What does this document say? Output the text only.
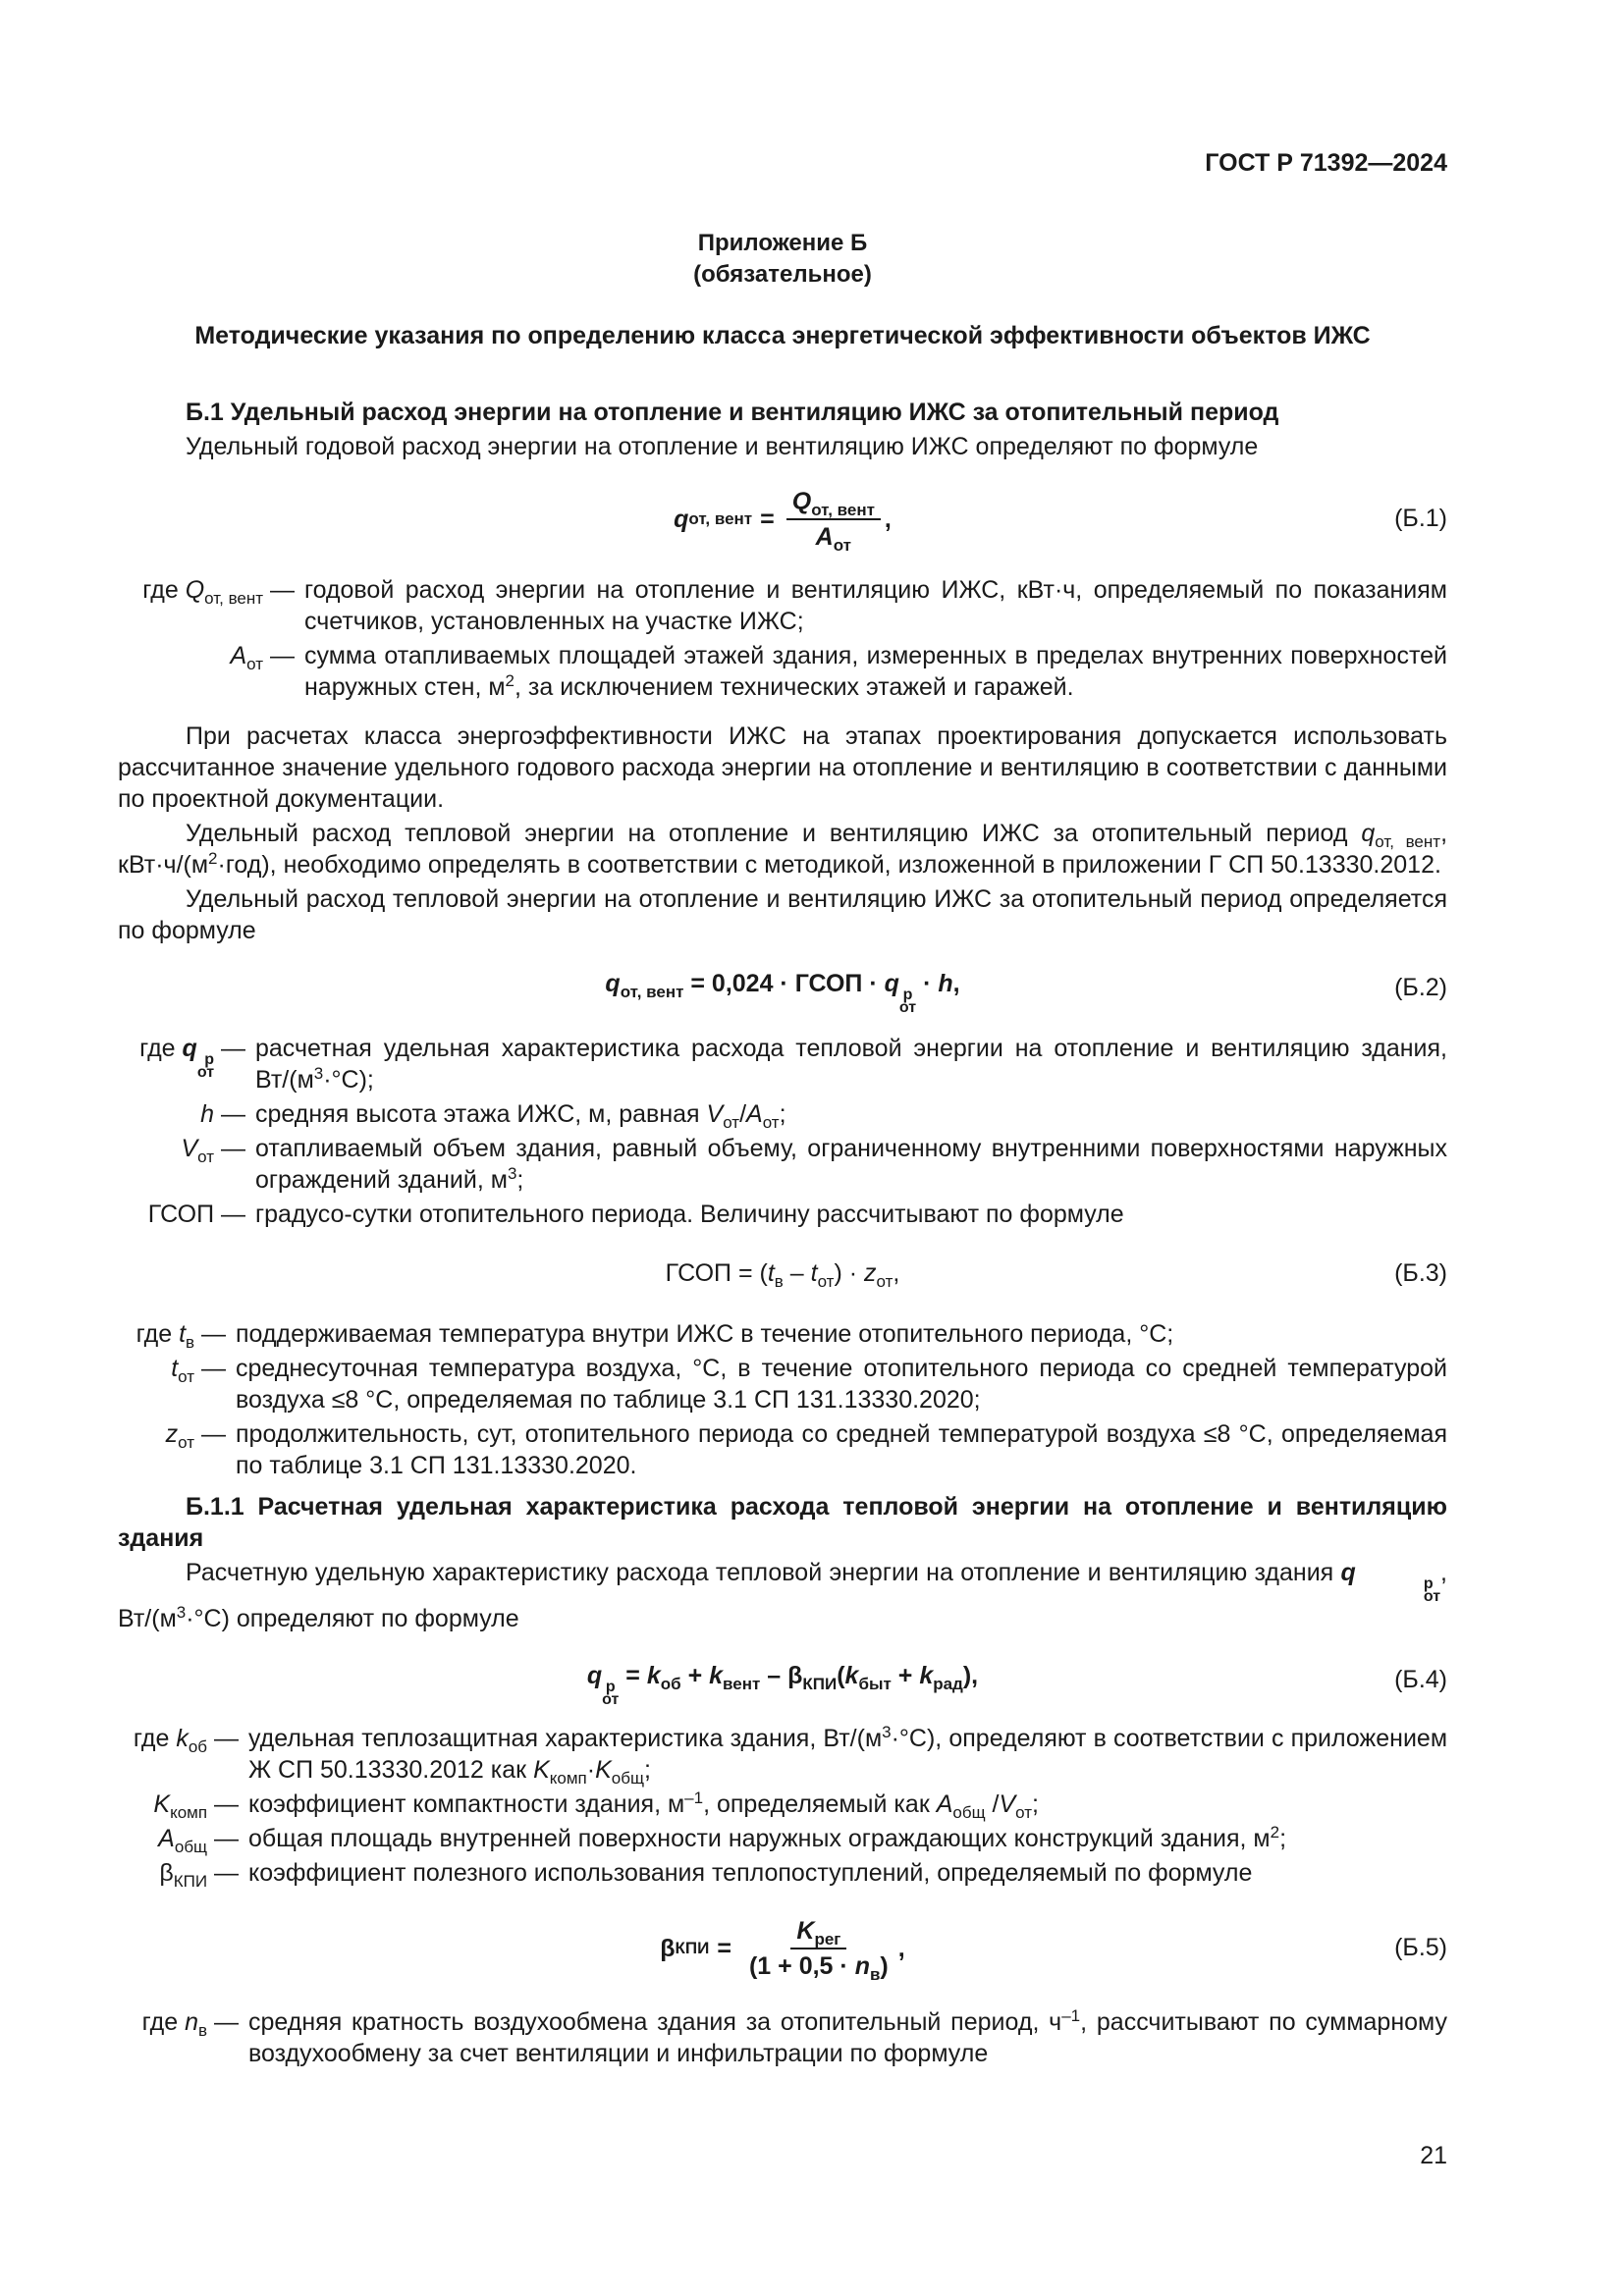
ГОСТ Р 71392—2024
Приложение Б
(обязательное)
Методические указания по определению класса энергетической эффективности объектов ИЖС

Б.1 Удельный расход энергии на отопление и вентиляцию ИЖС за отопительный период

Удельный годовой расход энергии на отопление и вентиляцию ИЖС определяют по формуле

q от, вент = $\frac{Q_{от, вент}}{A_{от}}$ ,	(Б.1)
где $Q_{от, вент}$ — годовой расход энергии на отопление и вентиляцию ИЖС, кВт·ч, определяемый по показаниям счетчиков, установленных на участке ИЖС;
$A_{от}$ — сумма отапливаемых площадей этажей здания, измеренных в пределах внутренних поверхностей наружных стен, $м^2$, за исключением технических этажей и гаражей.

При расчетах класса энергоэффективности ИЖС на этапах проектирования допускается использовать рассчитанное значение удельного годового расхода энергии на отопление и вентиляцию в соответствии с данными по проектной документации.

Удельный расход тепловой энергии на отопление и вентиляцию ИЖС за отопительный период $q_{от, вент}$, $кВт\cdot ч/(м^2\cdot год)$, необходимо определять в соответствии с методикой, изложенной в приложении Г СП 50.13330.2012.

Удельный расход тепловой энергии на отопление и вентиляцию ИЖС за отопительный период определяется по формуле

$q_{от, вент} = 0,024$ · ГСОП · q р
от
· h,	(Б.2)
где q р
от
— расчетная удельная характеристика расхода тепловой энергии на отопление и вентиляцию здания, $Вт/(м^3\cdot^\circ С)$;
h — средняя высота этажа ИЖС, м, равная $V_{от}/A_{от}$;
$V_{от}$ — отапливаемый объем здания, равный объему, ограниченному внутренними поверхностями наружных ограждений зданий, $м^3$;
ГСОП — градусо-сутки отопительного периода. Величину рассчитывают по формуле
ГСОП = $(t_в - t_{от}) \cdot z_{от}$,	(Б.3)
где $t_в$ — поддерживаемая температура внутри ИЖС в течение отопительного периода, °С;
$t_{от}$ — среднесуточная температура воздуха, °С, в течение отопительного периода со средней температурой воздуха ≤8 °С, определяемая по таблице 3.1 СП 131.13330.2020;
$z_{от}$ — продолжительность, сут, отопительного периода со средней температурой воздуха ≤8 °С, определяемая по таблице 3.1 СП 131.13330.2020.

Б.1.1 Расчетная удельная характеристика расхода тепловой энергии на отопление и вентиляцию здания

Расчетную удельную характеристику расхода тепловой энергии на отопление и вентиляцию здания q	р
от
, $Вт/(м^3\cdot^\circ С)$ определяют по формуле

q р
от
= $k_{об} + k_{вент} - \beta_{КПИ}(k_{быт} + k_{рад})$,	(Б.4)
где $k_{об}$ — удельная теплозащитная характеристика здания, $Вт/(м^3\cdot^\circ С)$, определяют в соответствии с приложением Ж СП 50.13330.2012 как $K_{комп}\cdot K_{общ}$;
$K_{комп}$ — коэффициент компактности здания, $м^{-1}$, определяемый как $A_{общ}$ $/V_{от}$;
$A_{общ}$ — общая площадь внутренней поверхности наружных ограждающих конструкций здания, $м^2$;
$\beta_{КПИ}$ — коэффициент полезного использования теплопоступлений, определяемый по формуле
β КПИ = $\frac{K_{рег}}{(1 + 0,5 \cdot n_в)}$ ,	(Б.5)
где $n_в$ — средняя кратность воздухообмена здания за отопительный период, $ч^{-1}$, рассчитывают по суммарному воздухообмену за счет вентиляции и инфильтрации по формуле
21
